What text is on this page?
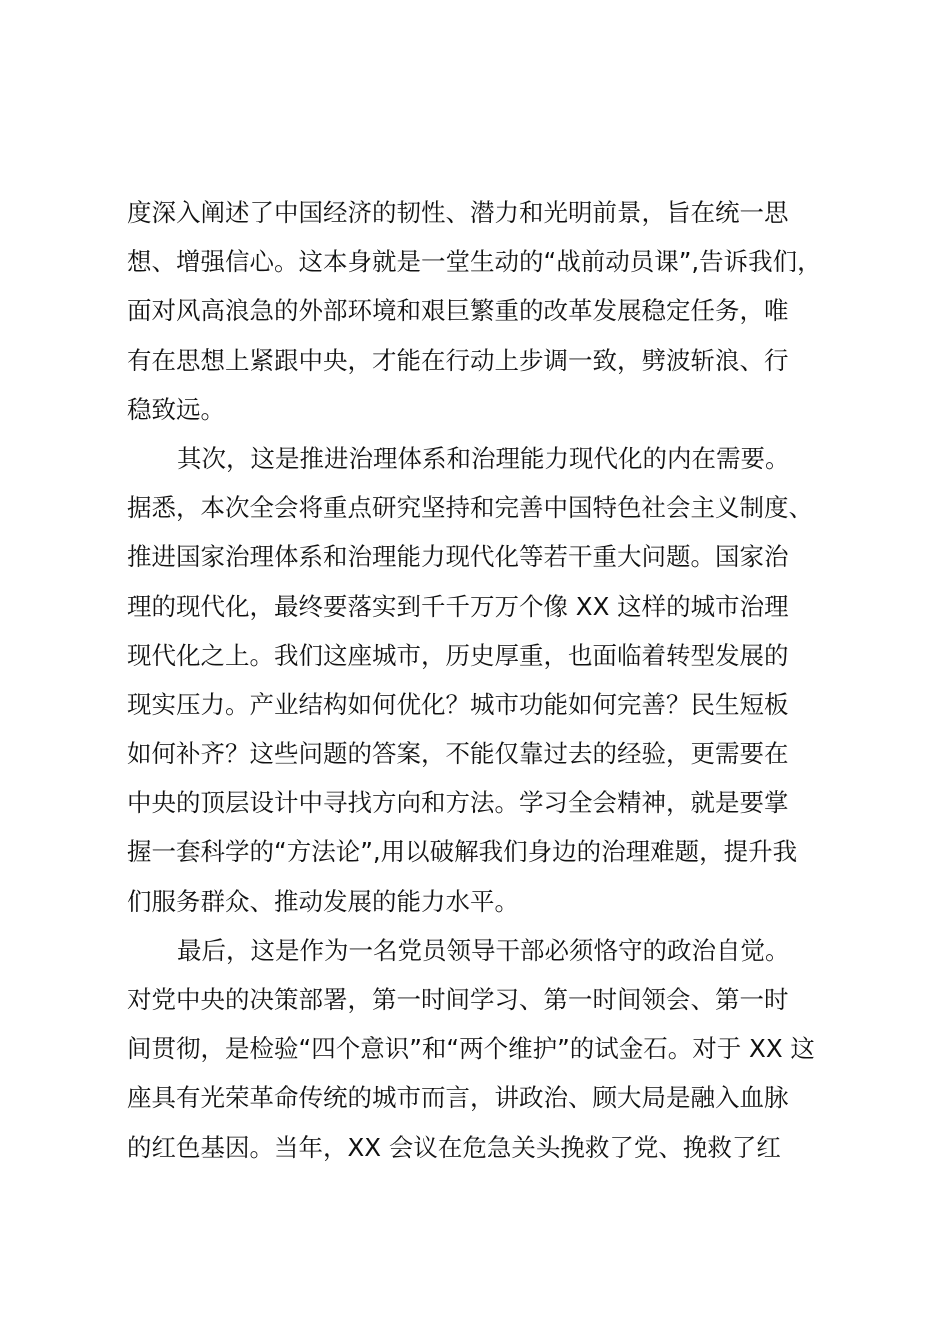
度深入阐述了中国经济的韧性、潜力和光明前景，旨在统一思
想、增强信心。这本身就是一堂生动的“战前动员课”,告诉我们，
面对风高浪急的外部环境和艰巨繁重的改革发展稳定任务，唯
有在思想上紧跟中央，才能在行动上步调一致，劈波斩浪、行
稳致远。
其次，这是推进治理体系和治理能力现代化的内在需要。
据悉，本次全会将重点研究坚持和完善中国特色社会主义制度、
推进国家治理体系和治理能力现代化等若干重大问题。国家治
理的现代化，最终要落实到千千万万个像 XX 这样的城市治理
现代化之上。我们这座城市，历史厚重，也面临着转型发展的
现实压力。产业结构如何优化？城市功能如何完善？民生短板
如何补齐？这些问题的答案，不能仅靠过去的经验，更需要在
中央的顶层设计中寻找方向和方法。学习全会精神，就是要掌
握一套科学的“方法论”,用以破解我们身边的治理难题，提升我
们服务群众、推动发展的能力水平。
最后，这是作为一名党员领导干部必须恪守的政治自觉。
对党中央的决策部署，第一时间学习、第一时间领会、第一时
间贯彻，是检验“四个意识”和“两个维护”的试金石。对于 XX 这
座具有光荣革命传统的城市而言，讲政治、顾大局是融入血脉
的红色基因。当年，XX 会议在危急关头挽救了党、挽救了红
